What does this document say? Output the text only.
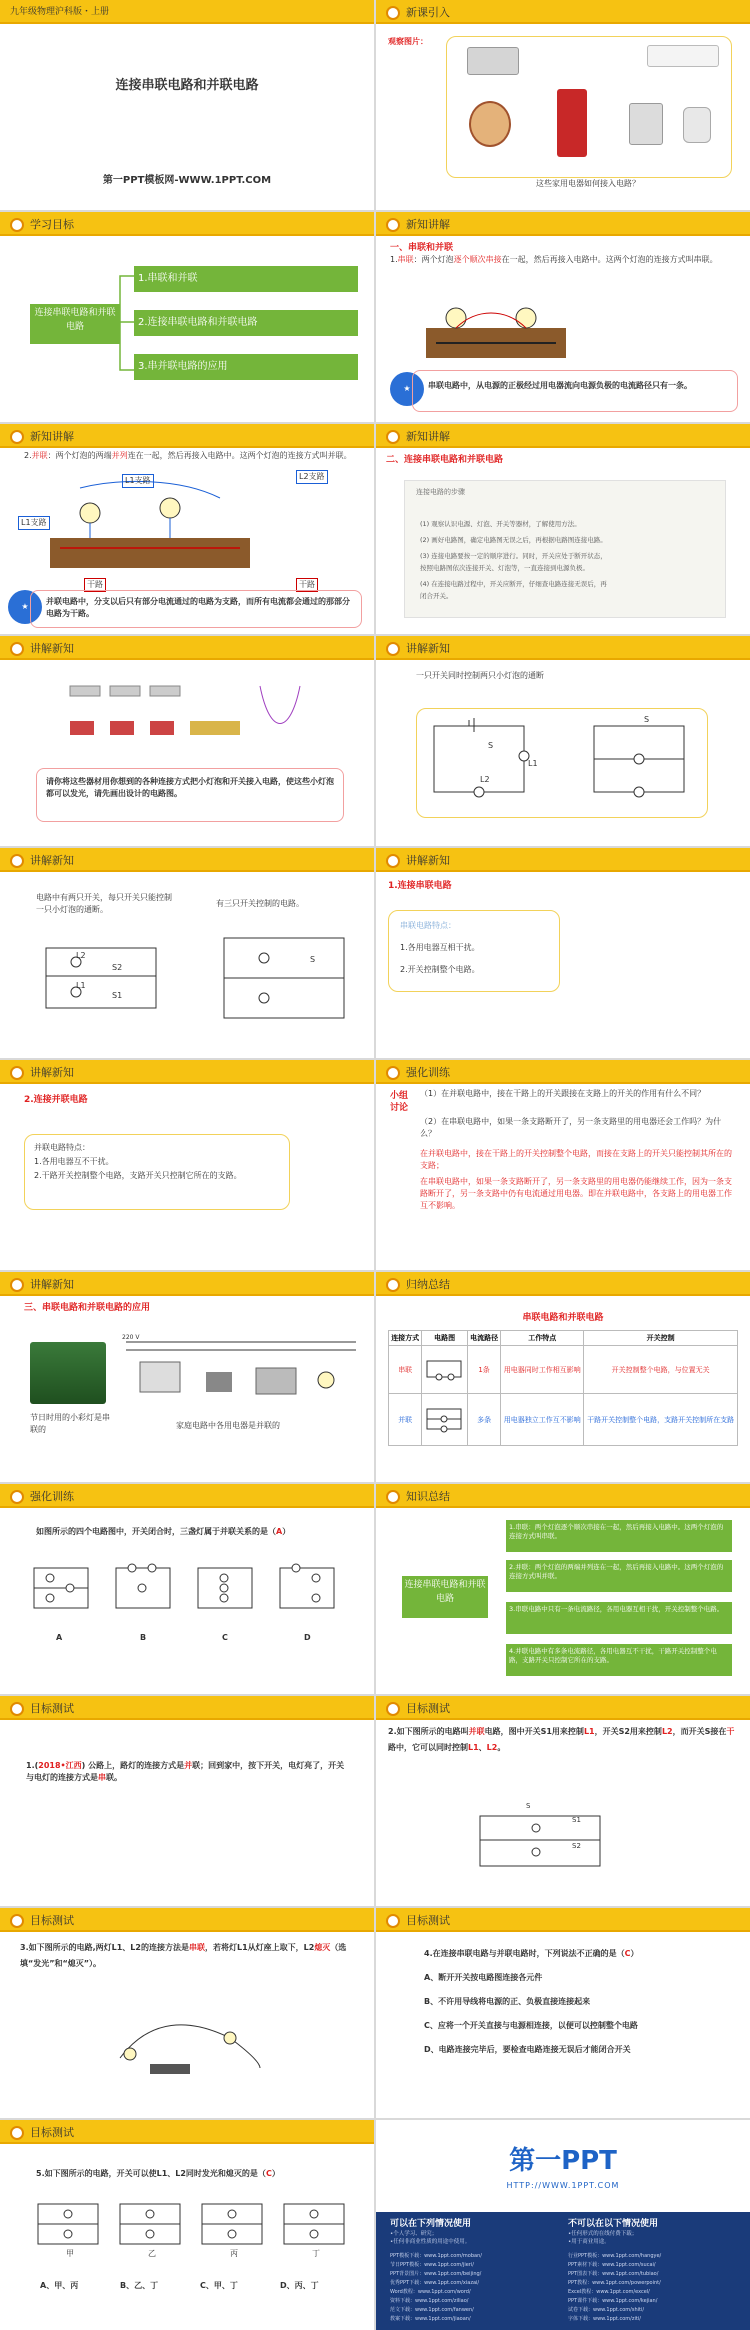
九年级物理沪科版・上册
连接串联电路和并联电路
第一PPT模板网-WWW.1PPT.COM
新课引入
观察图片：
这些家用电器如何接入电路？
学习目标
连接串联电路和并联电路
1.串联和并联
2.连接串联电路和并联电路
3.串并联电路的应用
新知讲解
一、串联和并联
1.串联：两个灯泡逐个顺次串接在一起，然后再接入电路中。这两个灯泡的连接方式叫串联。
★	串联电路中，从电源的正极经过用电器流向电源负极的电流路径只有一条。
新知讲解
2.并联：两个灯泡的两端并列连在一起，然后再接入电路中。这两个灯泡的连接方式叫并联。
L1支路	L2支路
L1支路
干路	干路
★
并联电路中，分支以后只有部分电流通过的电路为支路，而所有电流都会通过的那部分电路为干路。
新知讲解
二、连接串联电路和并联电路
连接电路的步骤
(1) 观察认识电源、灯泡、开关等器材，了解使用方法。
(2) 画好电路图，确定电路图无误之后，再根据电路图连接电路。
(3) 连接电路要按一定的顺序进行。同时，开关应处于断开状态，
按照电路图依次连接开关、灯泡等，一直连接到电源负极。
(4) 在连接电路过程中，开关应断开，仔细查电路连接无误后，再
闭合开关。
讲解新知
请你将这些器材用你想到的各种连接方式把小灯泡和开关接入电路，使这些小灯泡都可以发光，请先画出设计的电路图。
讲解新知
一只开关同时控制两只小灯泡的通断
S
L1
L2
S
讲解新知
电路中有两只开关，每只开关只能控制一只小灯泡的通断。
有三只开关控制的电路。
L2
S2
L1
S1
S
讲解新知
1.连接串联电路
串联电路特点：
1.各用电器互相干扰。
2.开关控制整个电路。
讲解新知
2.连接并联电路
并联电路特点：
1.各用电器互不干扰。
2.干路开关控制整个电路，支路开关只控制它所在的支路。
强化训练
小组讨论
（1）在并联电路中，接在干路上的开关跟接在支路上的开关的作用有什么不同？
（2）在串联电路中，如果一条支路断开了，另一条支路里的用电器还会工作吗？为什么？
在并联电路中，接在干路上的开关控制整个电路，而接在支路上的开关只能控制其所在的支路；
在串联电路中，如果一条支路断开了，另一条支路里的用电器仍能继续工作，因为一条支路断开了，另一条支路中仍有电流通过用电器。即在并联电路中，各支路上的用电器工作互不影响。
讲解新知
三、串联电路和并联电路的应用
220 V
节日时用的小彩灯是串联的	家庭电路中各用电器是并联的
归纳总结
串联电路和并联电路
连接方式	电路图	电流路径	工作特点	开关控制
串联		1条	用电器同时工作相互影响	开关控制整个电路，与位置无关
并联		多条	用电器独立工作互不影响	干路开关控制整个电路，支路开关控制所在支路
强化训练
如图所示的四个电路图中，开关闭合时，三盏灯属于并联关系的是（A）
A	B	C	D
知识总结
连接串联电路和并联电路
1.串联：两个灯泡逐个顺次串接在一起，然后再接入电路中。这两个灯泡的连接方式叫串联。
2.并联：两个灯泡的两端并列连在一起，然后再接入电路中。这两个灯泡的连接方式叫并联。
3.串联电路中只有一条电流路径，各用电器互相干扰，开关控制整个电路。
4.并联电路中有多条电流路径，各用电器互不干扰，干路开关控制整个电路，支路开关只控制它所在的支路。
目标测试
1.(2018•江西) 公路上，路灯的连接方式是并联；回到家中，按下开关，电灯亮了，开关与电灯的连接方式是串联。
目标测试
2.如下图所示的电路叫并联电路，图中开关S1用来控制L1，开关S2用来控制L2，而开关S接在干路中，它可以同时控制L1、L2。
S
S1
S2
目标测试
3.如下图所示的电路,两灯L1、L2的连接方法是串联，若将灯L1从灯座上取下，L2熄灭（选填“发光”和“熄灭”）。
目标测试
4.在连接串联电路与并联电路时，下列说法不正确的是（C）
A、断开开关按电路图连接各元件
B、不许用导线将电源的正、负极直接连接起来
C、应将一个开关直接与电源相连接，以便可以控制整个电路
D、电路连接完毕后，要检查电路连接无误后才能闭合开关
目标测试
5.如下图所示的电路，开关可以使L1、L2同时发光和熄灭的是（C）
甲	乙	丙	丁
A、甲、丙	B、乙、丁	C、甲、丁	D、丙、丁
第一PPT
HTTP://WWW.1PPT.COM
可以在下列情况使用
•个人学习、研究；
•任何非商业性质的用途中使用。
不可以在以下情况使用
•任何形式的在线付费下载；
•用于商业用途。
PPT模板下载：www.1ppt.com/moban/
节日PPT模板：www.1ppt.com/jieri/
PPT背景图片：www.1ppt.com/beijing/
优秀PPT下载：www.1ppt.com/xiazai/
Word教程：www.1ppt.com/word/
资料下载：www.1ppt.com/ziliao/
范文下载：www.1ppt.com/fanwen/
教案下载：www.1ppt.com/jiaoan/
行业PPT模板：www.1ppt.com/hangye/
PPT素材下载：www.1ppt.com/sucai/
PPT图表下载：www.1ppt.com/tubiao/
PPT教程：www.1ppt.com/powerpoint/
Excel教程：www.1ppt.com/excel/
PPT课件下载：www.1ppt.com/kejian/
试卷下载：www.1ppt.com/shiti/
字体下载：www.1ppt.com/ziti/
